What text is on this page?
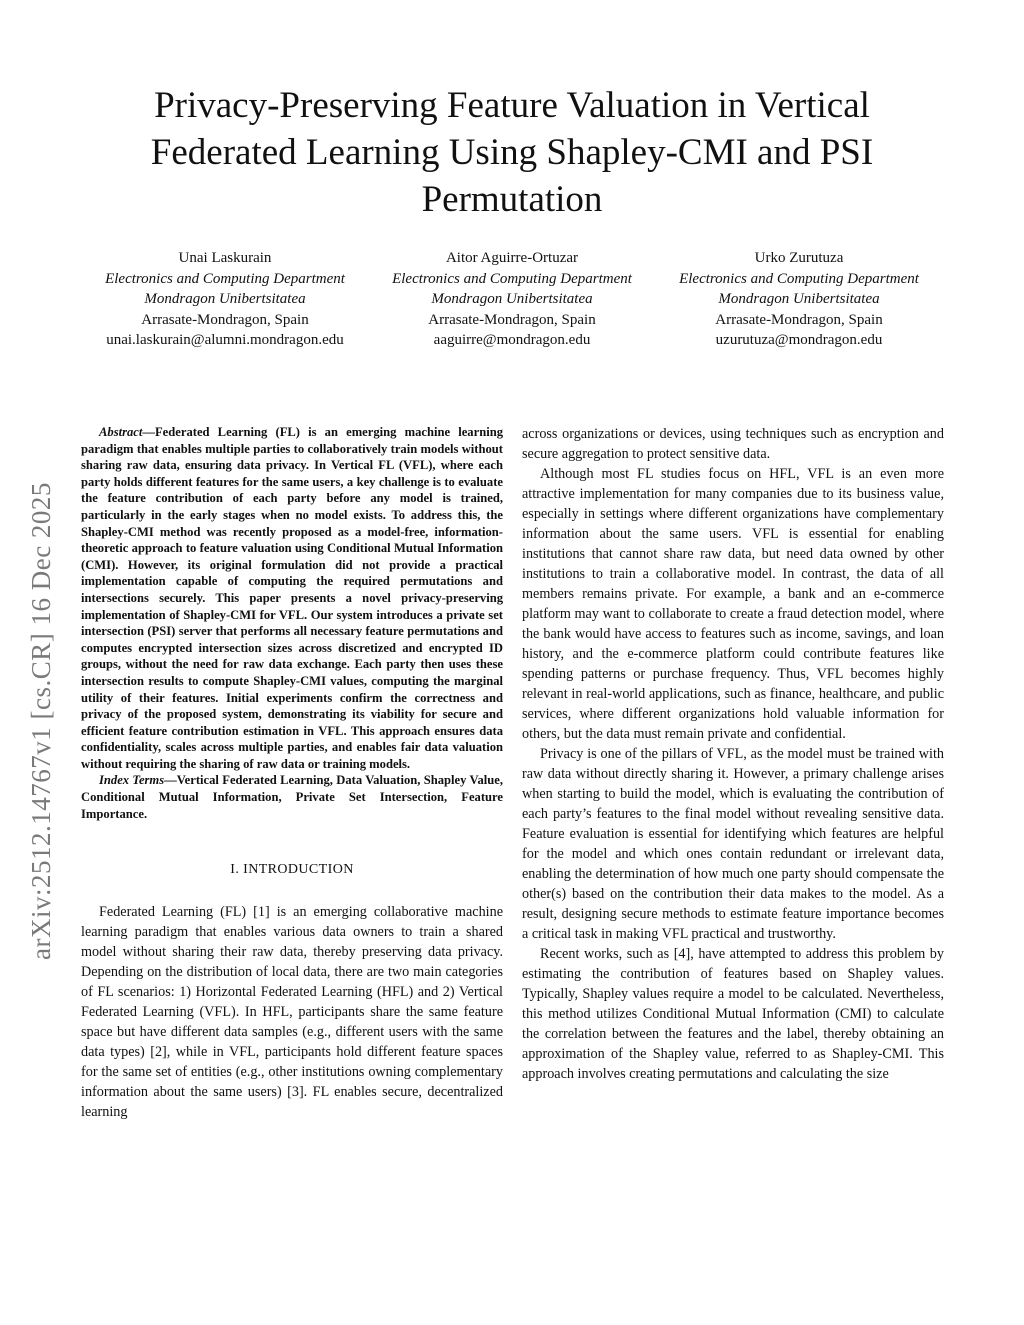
Privacy-Preserving Feature Valuation in Vertical Federated Learning Using Shapley-CMI and PSI Permutation
Unai Laskurain
Electronics and Computing Department
Mondragon Unibertsitatea
Arrasate-Mondragon, Spain
unai.laskurain@alumni.mondragon.edu
Aitor Aguirre-Ortuzar
Electronics and Computing Department
Mondragon Unibertsitatea
Arrasate-Mondragon, Spain
aaguirre@mondragon.edu
Urko Zurutuza
Electronics and Computing Department
Mondragon Unibertsitatea
Arrasate-Mondragon, Spain
uzurutuza@mondragon.edu
arXiv:2512.14767v1 [cs.CR] 16 Dec 2025

Abstract—Federated Learning (FL) is an emerging machine learning paradigm that enables multiple parties to collaboratively train models without sharing raw data, ensuring data privacy. In Vertical FL (VFL), where each party holds different features for the same users, a key challenge is to evaluate the feature contribution of each party before any model is trained, particularly in the early stages when no model exists. To address this, the Shapley-CMI method was recently proposed as a model-free, information-theoretic approach to feature valuation using Conditional Mutual Information (CMI). However, its original formulation did not provide a practical implementation capable of computing the required permutations and intersections securely. This paper presents a novel privacy-preserving implementation of Shapley-CMI for VFL. Our system introduces a private set intersection (PSI) server that performs all necessary feature permutations and computes encrypted intersection sizes across discretized and encrypted ID groups, without the need for raw data exchange. Each party then uses these intersection results to compute Shapley-CMI values, computing the marginal utility of their features. Initial experiments confirm the correctness and privacy of the proposed system, demonstrating its viability for secure and efficient feature contribution estimation in VFL. This approach ensures data confidentiality, scales across multiple parties, and enables fair data valuation without requiring the sharing of raw data or training models.

Index Terms—Vertical Federated Learning, Data Valuation, Shapley Value, Conditional Mutual Information, Private Set Intersection, Feature Importance.

I. INTRODUCTION

Federated Learning (FL) [1] is an emerging collaborative machine learning paradigm that enables various data owners to train a shared model without sharing their raw data, thereby preserving data privacy. Depending on the distribution of local data, there are two main categories of FL scenarios: 1) Horizontal Federated Learning (HFL) and 2) Vertical Federated Learning (VFL). In HFL, participants share the same feature space but have different data samples (e.g., different users with the same data types) [2], while in VFL, participants hold different feature spaces for the same set of entities (e.g., other institutions owning complementary information about the same users) [3]. FL enables secure, decentralized learning

across organizations or devices, using techniques such as encryption and secure aggregation to protect sensitive data.

Although most FL studies focus on HFL, VFL is an even more attractive implementation for many companies due to its business value, especially in settings where different organizations have complementary information about the same users. VFL is essential for enabling institutions that cannot share raw data, but need data owned by other institutions to train a collaborative model. In contrast, the data of all members remains private. For example, a bank and an e-commerce platform may want to collaborate to create a fraud detection model, where the bank would have access to features such as income, savings, and loan history, and the e-commerce platform could contribute features like spending patterns or purchase frequency. Thus, VFL becomes highly relevant in real-world applications, such as finance, healthcare, and public services, where different organizations hold valuable information for others, but the data must remain private and confidential.

Privacy is one of the pillars of VFL, as the model must be trained with raw data without directly sharing it. However, a primary challenge arises when starting to build the model, which is evaluating the contribution of each party’s features to the final model without revealing sensitive data. Feature evaluation is essential for identifying which features are helpful for the model and which ones contain redundant or irrelevant data, enabling the determination of how much one party should compensate the other(s) based on the contribution their data makes to the model. As a result, designing secure methods to estimate feature importance becomes a critical task in making VFL practical and trustworthy.

Recent works, such as [4], have attempted to address this problem by estimating the contribution of features based on Shapley values. Typically, Shapley values require a model to be calculated. Nevertheless, this method utilizes Conditional Mutual Information (CMI) to calculate the correlation between the features and the label, thereby obtaining an approximation of the Shapley value, referred to as Shapley-CMI. This approach involves creating permutations and calculating the size
